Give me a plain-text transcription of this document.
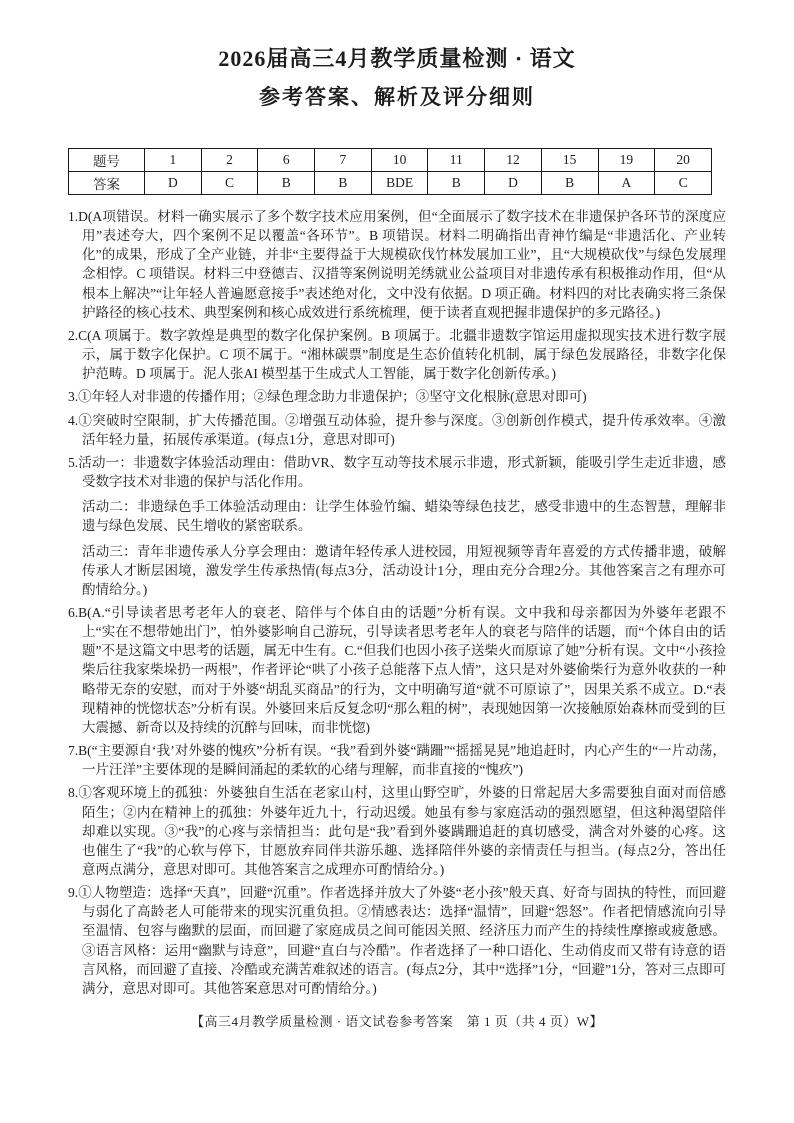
2026届高三4月教学质量检测 · 语文
参考答案、解析及评分细则
题号	1	2	6	7	10	11	12	15	19	20
答案	D	C	B	B	BDE	B	D	B	A	C

1.D(A项错误。材料一确实展示了多个数字技术应用案例，但“全面展示了数字技术在非遗保护各环节的深度应用”表述夸大，四个案例不足以覆盖“各环节”。B 项错误。材料二明确指出青神竹编是“非遗活化、产业转化”的成果，形成了全产业链，并非“主要得益于大规模砍伐竹林发展加工业”，且“大规模砍伐”与绿色发展理念相悖。C 项错误。材料三中登德吉、汉措等案例说明羌绣就业公益项目对非遗传承有积极推动作用，但“从根本上解决”“让年轻人普遍愿意接手”表述绝对化，文中没有依据。D 项正确。材料四的对比表确实将三条保护路径的核心技术、典型案例和核心成效进行系统梳理，便于读者直观把握非遗保护的多元路径。)

2.C(A 项属于。数字敦煌是典型的数字化保护案例。B 项属于。北疆非遗数字馆运用虚拟现实技术进行数字展示，属于数字化保护。C 项不属于。“湘林碳票”制度是生态价值转化机制，属于绿色发展路径，非数字化保护范畴。D 项属于。泥人张AI 模型基于生成式人工智能，属于数字化创新传承。)

3.①年轻人对非遗的传播作用；②绿色理念助力非遗保护；③坚守文化根脉(意思对即可)

4.①突破时空限制，扩大传播范围。②增强互动体验，提升参与深度。③创新创作模式，提升传承效率。④激活年轻力量，拓展传承渠道。(每点1分，意思对即可)

5.活动一：非遗数字体验活动理由：借助VR、数字互动等技术展示非遗，形式新颖，能吸引学生走近非遗，感受数字技术对非遗的保护与活化作用。

活动二：非遗绿色手工体验活动理由：让学生体验竹编、蜡染等绿色技艺，感受非遗中的生态智慧，理解非遗与绿色发展、民生增收的紧密联系。

活动三：青年非遗传承人分享会理由：邀请年轻传承人进校园，用短视频等青年喜爱的方式传播非遗，破解传承人才断层困境，激发学生传承热情(每点3分，活动设计1分，理由充分合理2分。其他答案言之有理亦可酌情给分。)

6.B(A.“引导读者思考老年人的衰老、陪伴与个体自由的话题”分析有误。文中我和母亲都因为外婆年老跟不上“实在不想带她出门”，怕外婆影响自己游玩，引导读者思考老年人的衰老与陪伴的话题，而“个体自由的话题”不是这篇文中思考的话题，属无中生有。C.“但我们也因小孩子送柴火而原谅了她”分析有误。文中“小孩捡柴后往我家柴垛扔一两根”，作者评论“哄了小孩子总能落下点人情”，这只是对外婆偷柴行为意外收获的一种略带无奈的安慰，而对于外婆“胡乱买商品”的行为，文中明确写道“就不可原谅了”，因果关系不成立。D.“表现精神的恍惚状态”分析有误。外婆回来后反复念叨“那么粗的树”，表现她因第一次接触原始森林而受到的巨大震撼、新奇以及持续的沉醉与回味，而非恍惚)

7.B(“主要源自‘我’对外婆的愧疚”分析有误。“我”看到外婆“蹒跚”“摇摇晃晃”地追赶时，内心产生的“一片动荡，一片汪洋”主要体现的是瞬间涌起的柔软的心绪与理解，而非直接的“愧疚”)

8.①客观环境上的孤独：外婆独自生活在老家山村，这里山野空旷，外婆的日常起居大多需要独自面对而倍感陌生；②内在精神上的孤独：外婆年近九十，行动迟缓。她虽有参与家庭活动的强烈愿望，但这种渴望陪伴却难以实现。③“我”的心疼与亲情担当：此句是“我”看到外婆蹒跚追赶的真切感受，满含对外婆的心疼。这也催生了“我”的心软与停下，甘愿放弃同伴共游乐趣、选择陪伴外婆的亲情责任与担当。(每点2分，答出任意两点满分，意思对即可。其他答案言之成理亦可酌情给分。)

9.①人物塑造：选择“天真”，回避“沉重”。作者选择并放大了外婆“老小孩”般天真、好奇与固执的特性，而回避与弱化了高龄老人可能带来的现实沉重负担。②情感表达：选择“温情”，回避“怨怒”。作者把情感流向引导至温情、包容与幽默的层面，而回避了家庭成员之间可能因关照、经济压力而产生的持续性摩擦或疲惫感。③语言风格：运用“幽默与诗意”，回避“直白与冷酷”。作者选择了一种口语化、生动俏皮而又带有诗意的语言风格，而回避了直接、冷酷或充满苦难叙述的语言。(每点2分，其中“选择”1分，“回避”1分，答对三点即可满分，意思对即可。其他答案意思对可酌情给分。)

【高三4月教学质量检测 · 语文试卷参考答案　第 1 页（共 4 页）W】
